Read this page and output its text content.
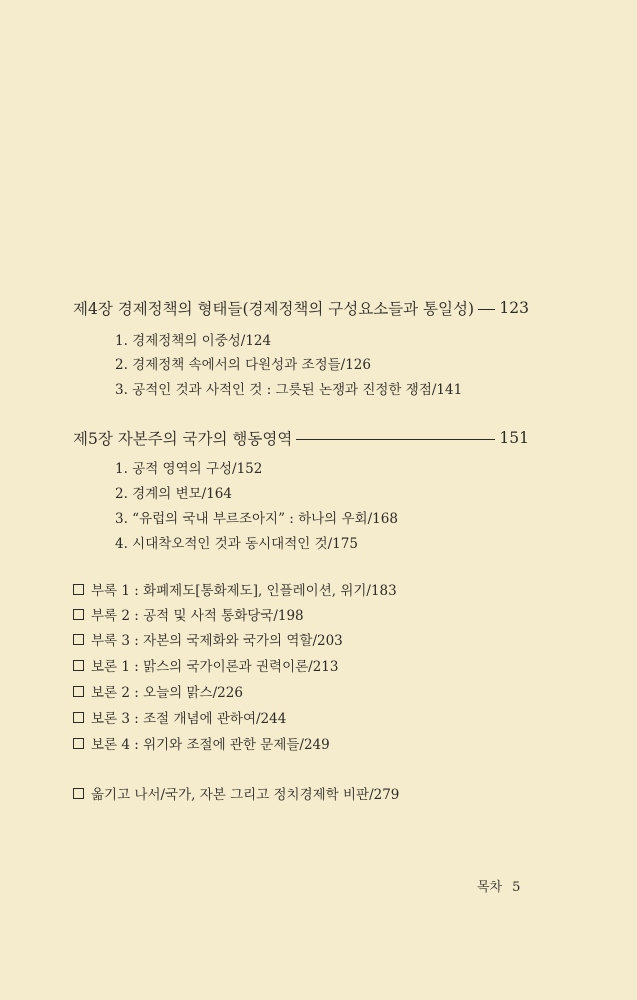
제4장 경제정책의 형태들(경제정책의 구성요소들과 통일성) 123
1. 경제정책의 이중성/124
2. 경제정책 속에서의 다원성과 조정들/126
3. 공적인 것과 사적인 것 : 그릇된 논쟁과 진정한 쟁점/141
제5장 자본주의 국가의 행동영역	151
1. 공적 영역의 구성/152
2. 경계의 변모/164
3. “유럽의 국내 부르조아지” : 하나의 우회/168
4. 시대착오적인 것과 동시대적인 것/175
부록 1 : 화폐제도[통화제도], 인플레이션, 위기/183
부록 2 : 공적 및 사적 통화당국/198
부록 3 : 자본의 국제화와 국가의 역할/203
보론 1 : 맑스의 국가이론과 권력이론/213
보론 2 : 오늘의 맑스/226
보론 3 : 조절 개념에 관하여/244
보론 4 : 위기와 조절에 관한 문제들/249
옮기고 나서/국가, 자본 그리고 정치경제학 비판/279
목차 5
